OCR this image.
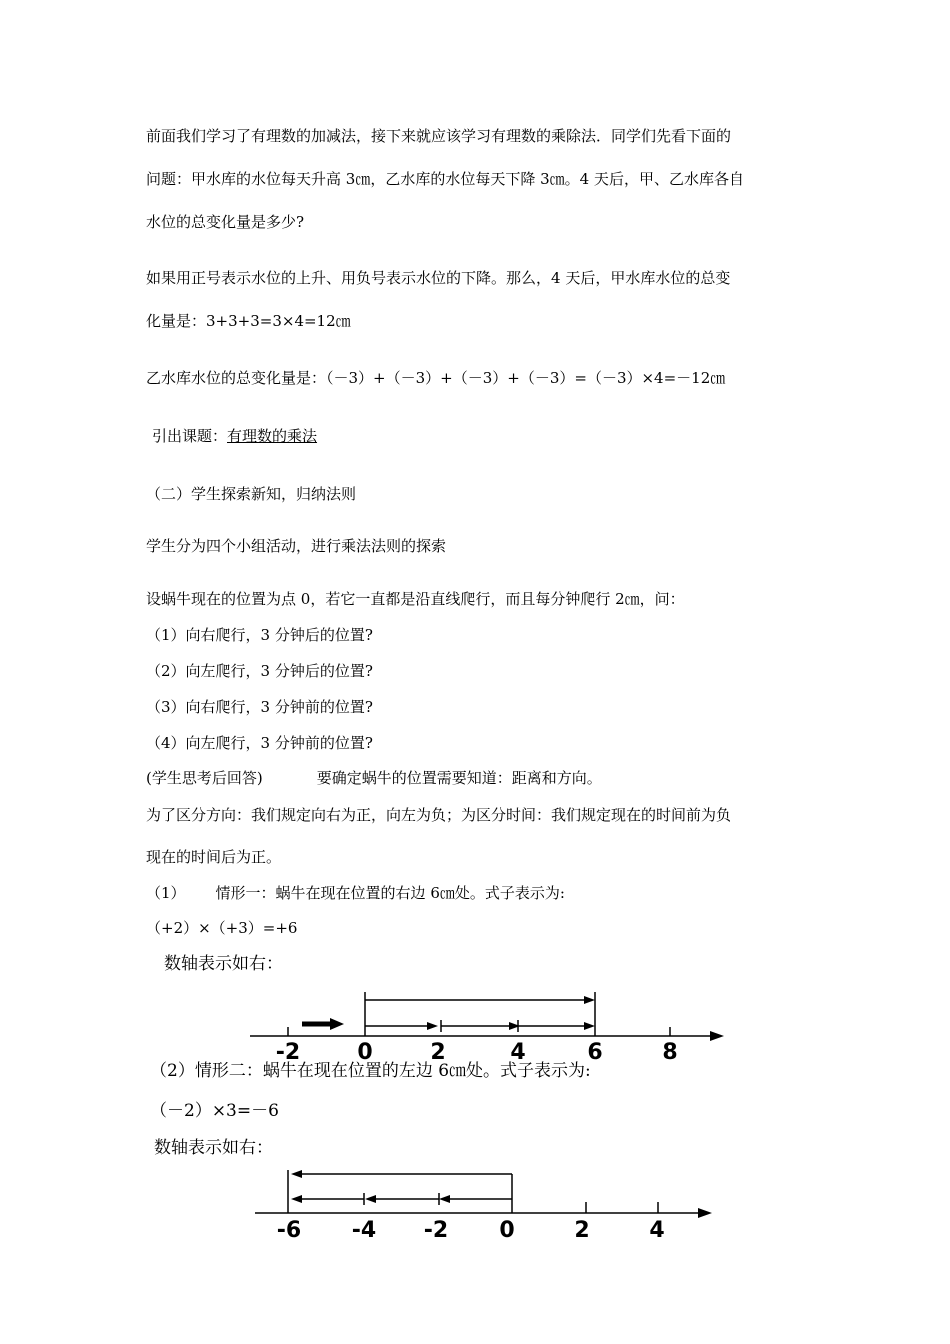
前面我们学习了有理数的加减法，接下来就应该学习有理数的乘除法．同学们先看下面的
问题：甲水库的水位每天升高 3㎝，乙水库的水位每天下降 3㎝。4 天后，甲、乙水库各自
水位的总变化量是多少?
如果用正号表示水位的上升、用负号表示水位的下降。那么，4 天后，甲水库水位的总变
化量是：3+3+3=3×4=12㎝
乙水库水位的总变化量是：（－3）+（－3）+（－3）+（－3）=（－3）×4=－12㎝
引出课题：有理数的乘法
（二）学生探索新知，归纳法则
学生分为四个小组活动，进行乘法法则的探索
设蜗牛现在的位置为点 0，若它一直都是沿直线爬行，而且每分钟爬行 2㎝，问：
（1）向右爬行，3 分钟后的位置?
（2）向左爬行，3 分钟后的位置?
（3）向右爬行，3 分钟前的位置?
（4）向左爬行，3 分钟前的位置?
(学生思考后回答)	要确定蜗牛的位置需要知道：距离和方向。
为了区分方向：我们规定向右为正，向左为负；为区分时间：我们规定现在的时间前为负
现在的时间后为正。
（1） 情形一：蜗牛在现在位置的右边 6㎝处。式子表示为:
（+2）×（+3）=+6
数轴表示如右：
-2	0	2	4	6	8
（2）情形二：蜗牛在现在位置的左边 6㎝处。式子表示为:
（－2）×3=－6
数轴表示如右：
-6 -4 -2 0	2	4
